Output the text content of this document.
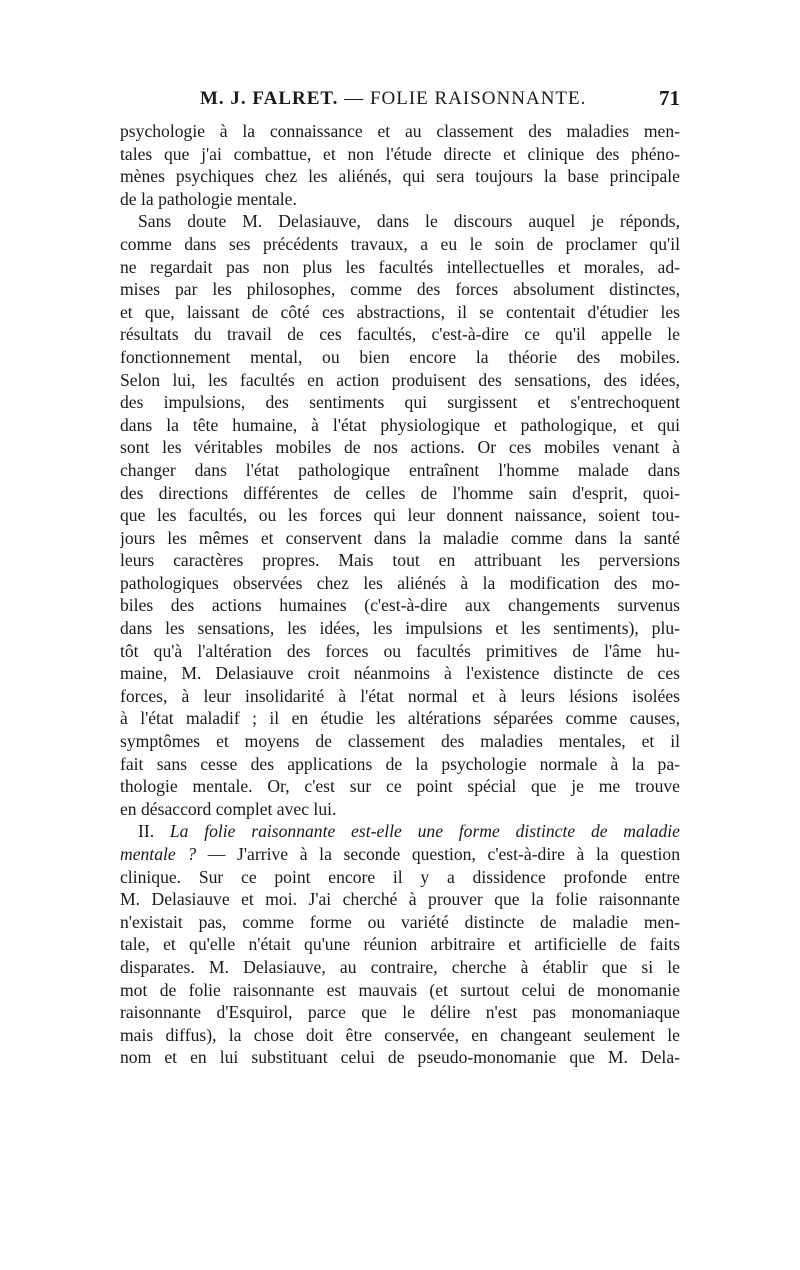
M. J. FALRET. — FOLIE RAISONNANTE.	71
psychologie à la connaissance et au classement des maladies men-
tales que j'ai combattue, et non l'étude directe et clinique des phéno-
mènes psychiques chez les aliénés, qui sera toujours la base principale
de la pathologie mentale.
Sans doute M. Delasiauve, dans le discours auquel je réponds,
comme dans ses précédents travaux, a eu le soin de proclamer qu'il
ne regardait pas non plus les facultés intellectuelles et morales, ad-
mises par les philosophes, comme des forces absolument distinctes,
et que, laissant de côté ces abstractions, il se contentait d'étudier les
résultats du travail de ces facultés, c'est-à-dire ce qu'il appelle le
fonctionnement mental, ou bien encore la théorie des mobiles.
Selon lui, les facultés en action produisent des sensations, des idées,
des impulsions, des sentiments qui surgissent et s'entrechoquent
dans la tête humaine, à l'état physiologique et pathologique, et qui
sont les véritables mobiles de nos actions. Or ces mobiles venant à
changer dans l'état pathologique entraînent l'homme malade dans
des directions différentes de celles de l'homme sain d'esprit, quoi-
que les facultés, ou les forces qui leur donnent naissance, soient tou-
jours les mêmes et conservent dans la maladie comme dans la santé
leurs caractères propres. Mais tout en attribuant les perversions
pathologiques observées chez les aliénés à la modification des mo-
biles des actions humaines (c'est-à-dire aux changements survenus
dans les sensations, les idées, les impulsions et les sentiments), plu-
tôt qu'à l'altération des forces ou facultés primitives de l'âme hu-
maine, M. Delasiauve croit néanmoins à l'existence distincte de ces
forces, à leur insolidarité à l'état normal et à leurs lésions isolées
à l'état maladif ; il en étudie les altérations séparées comme causes,
symptômes et moyens de classement des maladies mentales, et il
fait sans cesse des applications de la psychologie normale à la pa-
thologie mentale. Or, c'est sur ce point spécial que je me trouve
en désaccord complet avec lui.
II. La folie raisonnante est-elle une forme distincte de maladie
mentale ? — J'arrive à la seconde question, c'est-à-dire à la question
clinique. Sur ce point encore il y a dissidence profonde entre
M. Delasiauve et moi. J'ai cherché à prouver que la folie raisonnante
n'existait pas, comme forme ou variété distincte de maladie men-
tale, et qu'elle n'était qu'une réunion arbitraire et artificielle de faits
disparates. M. Delasiauve, au contraire, cherche à établir que si le
mot de folie raisonnante est mauvais (et surtout celui de monomanie
raisonnante d'Esquirol, parce que le délire n'est pas monomaniaque
mais diffus), la chose doit être conservée, en changeant seulement le
nom et en lui substituant celui de pseudo-monomanie que M. Dela-
